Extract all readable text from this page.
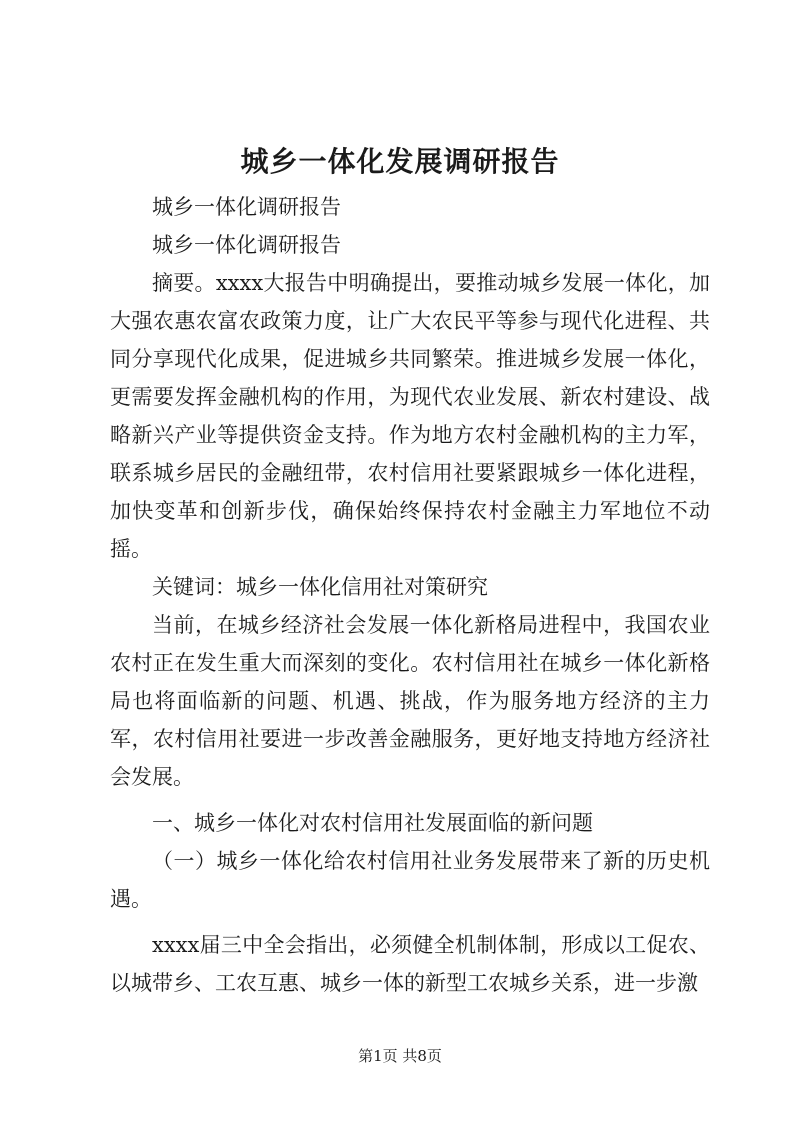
城乡一体化发展调研报告

城乡一体化调研报告

城乡一体化调研报告

摘要。xxxx大报告中明确提出，要推动城乡发展一体化，加大强农惠农富农政策力度，让广大农民平等参与现代化进程、共同分享现代化成果，促进城乡共同繁荣。推进城乡发展一体化，更需要发挥金融机构的作用，为现代农业发展、新农村建设、战略新兴产业等提供资金支持。作为地方农村金融机构的主力军，联系城乡居民的金融纽带，农村信用社要紧跟城乡一体化进程，加快变革和创新步伐，确保始终保持农村金融主力军地位不动摇。

关键词：城乡一体化信用社对策研究

当前，在城乡经济社会发展一体化新格局进程中，我国农业农村正在发生重大而深刻的变化。农村信用社在城乡一体化新格局也将面临新的问题、机遇、挑战，作为服务地方经济的主力军，农村信用社要进一步改善金融服务，更好地支持地方经济社会发展。

一、城乡一体化对农村信用社发展面临的新问题

（一）城乡一体化给农村信用社业务发展带来了新的历史机遇。

xxxx届三中全会指出，必须健全机制体制，形成以工促农、以城带乡、工农互惠、城乡一体的新型工农城乡关系，进一步激

第1页 共8页
